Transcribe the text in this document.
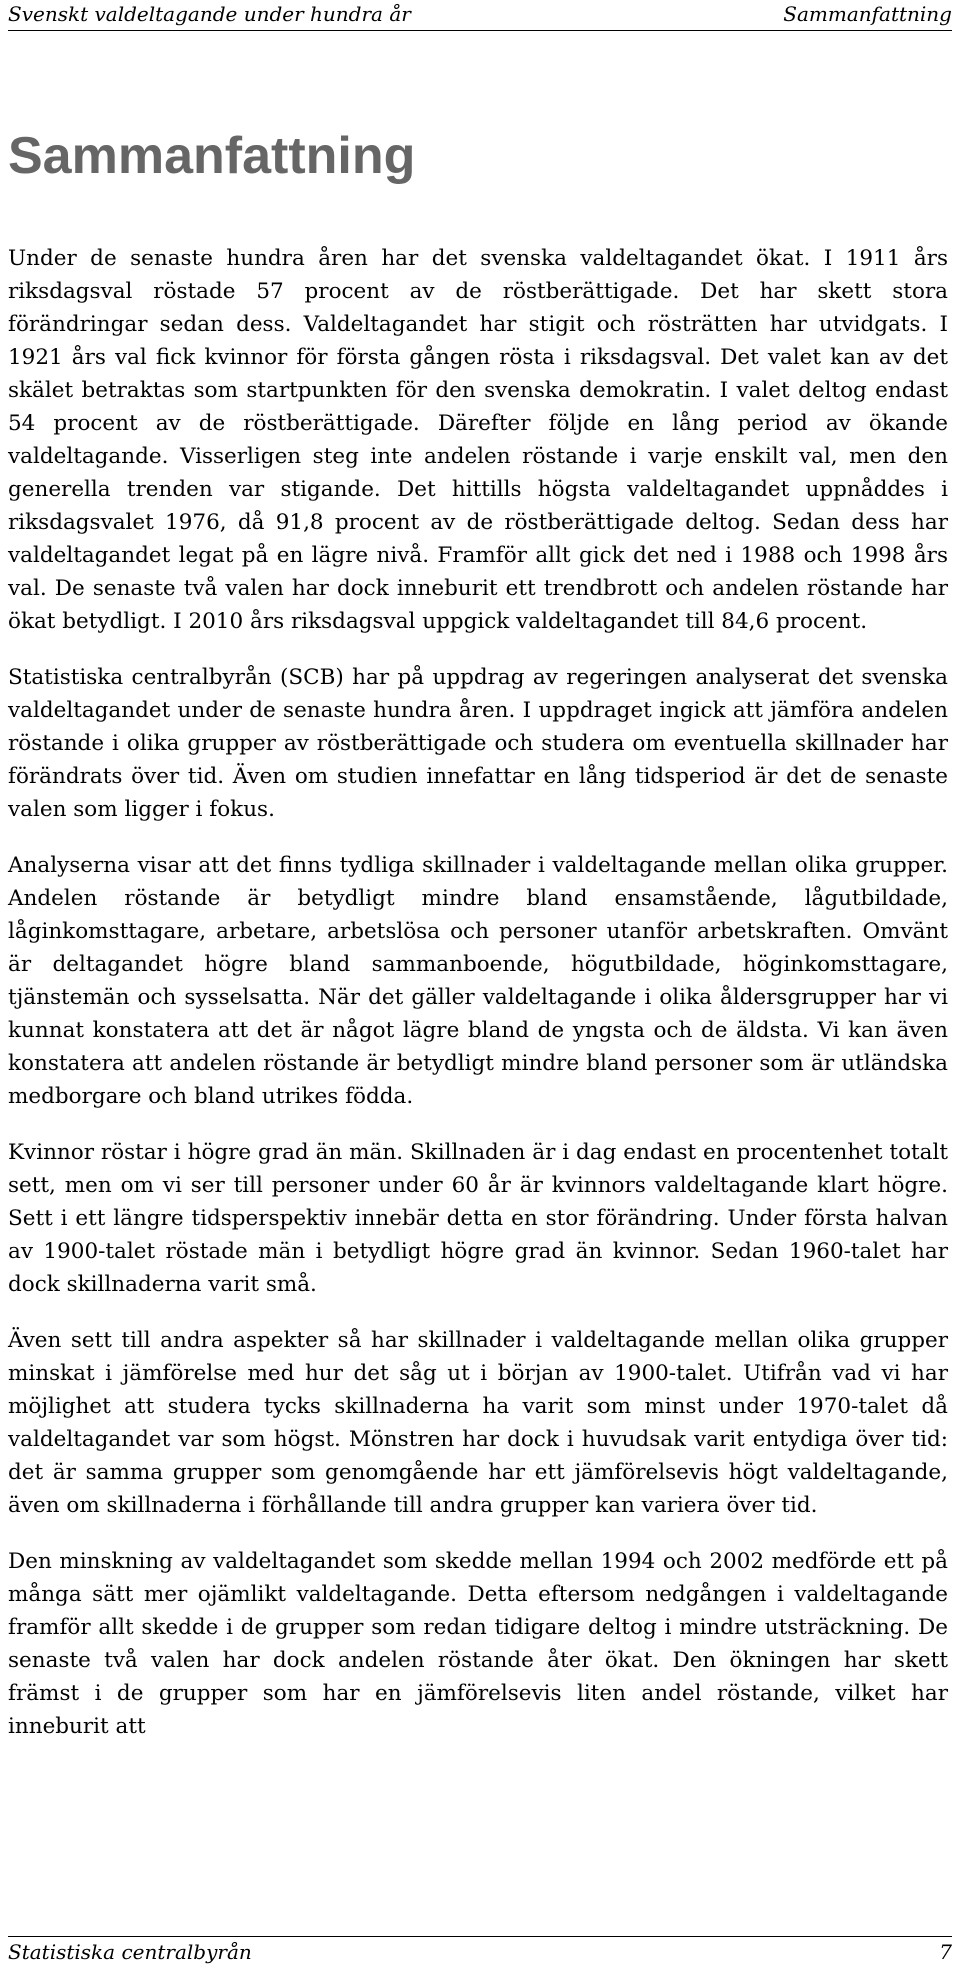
Svenskt valdeltagande under hundra år	Sammanfattning
Sammanfattning

Under de senaste hundra åren har det svenska valdeltagandet ökat. I 1911 års riksdagsval röstade 57 procent av de röstberättigade. Det har skett stora förändringar sedan dess. Valdeltagandet har stigit och rösträtten har utvidgats. I 1921 års val fick kvinnor för första gången rösta i riksdagsval. Det valet kan av det skälet betraktas som startpunkten för den svenska demokratin. I valet deltog endast 54 procent av de röstberättigade. Därefter följde en lång period av ökande valdeltagande. Visserligen steg inte andelen röstande i varje enskilt val, men den generella trenden var stigande. Det hittills högsta valdeltagandet uppnåddes i riksdagsvalet 1976, då 91,8 procent av de röstberättigade deltog. Sedan dess har valdeltagandet legat på en lägre nivå. Framför allt gick det ned i 1988 och 1998 års val. De senaste två valen har dock inneburit ett trendbrott och andelen röstande har ökat betydligt. I 2010 års riksdagsval uppgick valdeltagandet till 84,6 procent.

Statistiska centralbyrån (SCB) har på uppdrag av regeringen analyserat det svenska valdeltagandet under de senaste hundra åren. I uppdraget ingick att jämföra andelen röstande i olika grupper av röstberättigade och studera om eventuella skillnader har förändrats över tid. Även om studien innefattar en lång tidsperiod är det de senaste valen som ligger i fokus.

Analyserna visar att det finns tydliga skillnader i valdeltagande mellan olika grupper. Andelen röstande är betydligt mindre bland ensamstående, lågutbildade, låginkomsttagare, arbetare, arbetslösa och personer utanför arbetskraften. Omvänt är deltagandet högre bland sammanboende, högutbildade, höginkomsttagare, tjänstemän och sysselsatta. När det gäller valdeltagande i olika åldersgrupper har vi kunnat konstatera att det är något lägre bland de yngsta och de äldsta. Vi kan även konstatera att andelen röstande är betydligt mindre bland personer som är utländska medborgare och bland utrikes födda.

Kvinnor röstar i högre grad än män. Skillnaden är i dag endast en procentenhet totalt sett, men om vi ser till personer under 60 år är kvinnors valdeltagande klart högre. Sett i ett längre tidsperspektiv innebär detta en stor förändring. Under första halvan av 1900-talet röstade män i betydligt högre grad än kvinnor. Sedan 1960-talet har dock skillnaderna varit små.

Även sett till andra aspekter så har skillnader i valdeltagande mellan olika grupper minskat i jämförelse med hur det såg ut i början av 1900-talet. Utifrån vad vi har möjlighet att studera tycks skillnaderna ha varit som minst under 1970-talet då valdeltagandet var som högst. Mönstren har dock i huvudsak varit entydiga över tid: det är samma grupper som genomgående har ett jämförelsevis högt valdeltagande, även om skillnaderna i förhållande till andra grupper kan variera över tid.

Den minskning av valdeltagandet som skedde mellan 1994 och 2002 medförde ett på många sätt mer ojämlikt valdeltagande. Detta eftersom nedgången i valdeltagande framför allt skedde i de grupper som redan tidigare deltog i mindre utsträckning. De senaste två valen har dock andelen röstande åter ökat. Den ökningen har skett främst i de grupper som har en jämförelsevis liten andel röstande, vilket har inneburit att

Statistiska centralbyrån	7
